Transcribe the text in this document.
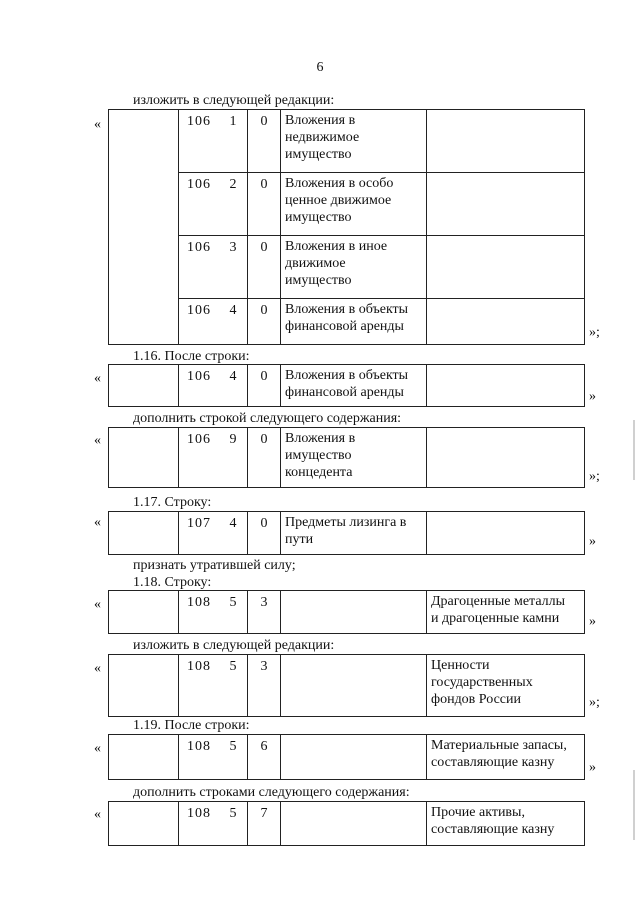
6
изложить в следующей редакции:
1.16. После строки:
дополнить строкой следующего содержания:
1.17. Строку:
признать утратившей силу;
1.18. Строку:
изложить в следующей редакции:
1.19. После строки:
дополнить строками следующего содержания:
«
»;
«
»
«
»;
«
»
«
»
«
»;
«
»
«
	106	1	0	Вложения в
недвижимое
имущество	
	106	2	0	Вложения в особо
ценное движимое
имущество	
	106	3	0	Вложения в иное
движимое
имущество	
	106	4	0	Вложения в объекты
финансовой аренды	
	106	4	0	Вложения в объекты
финансовой аренды	
	106	9	0	Вложения в
имущество
концедента	
	107	4	0	Предметы лизинга в
пути	
	108	5	3		Драгоценные металлы
и драгоценные камни
	108	5	3		Ценности
государственных
фондов России
	108	5	6		Материальные запасы,
составляющие казну
	108	5	7		Прочие активы,
составляющие казну
